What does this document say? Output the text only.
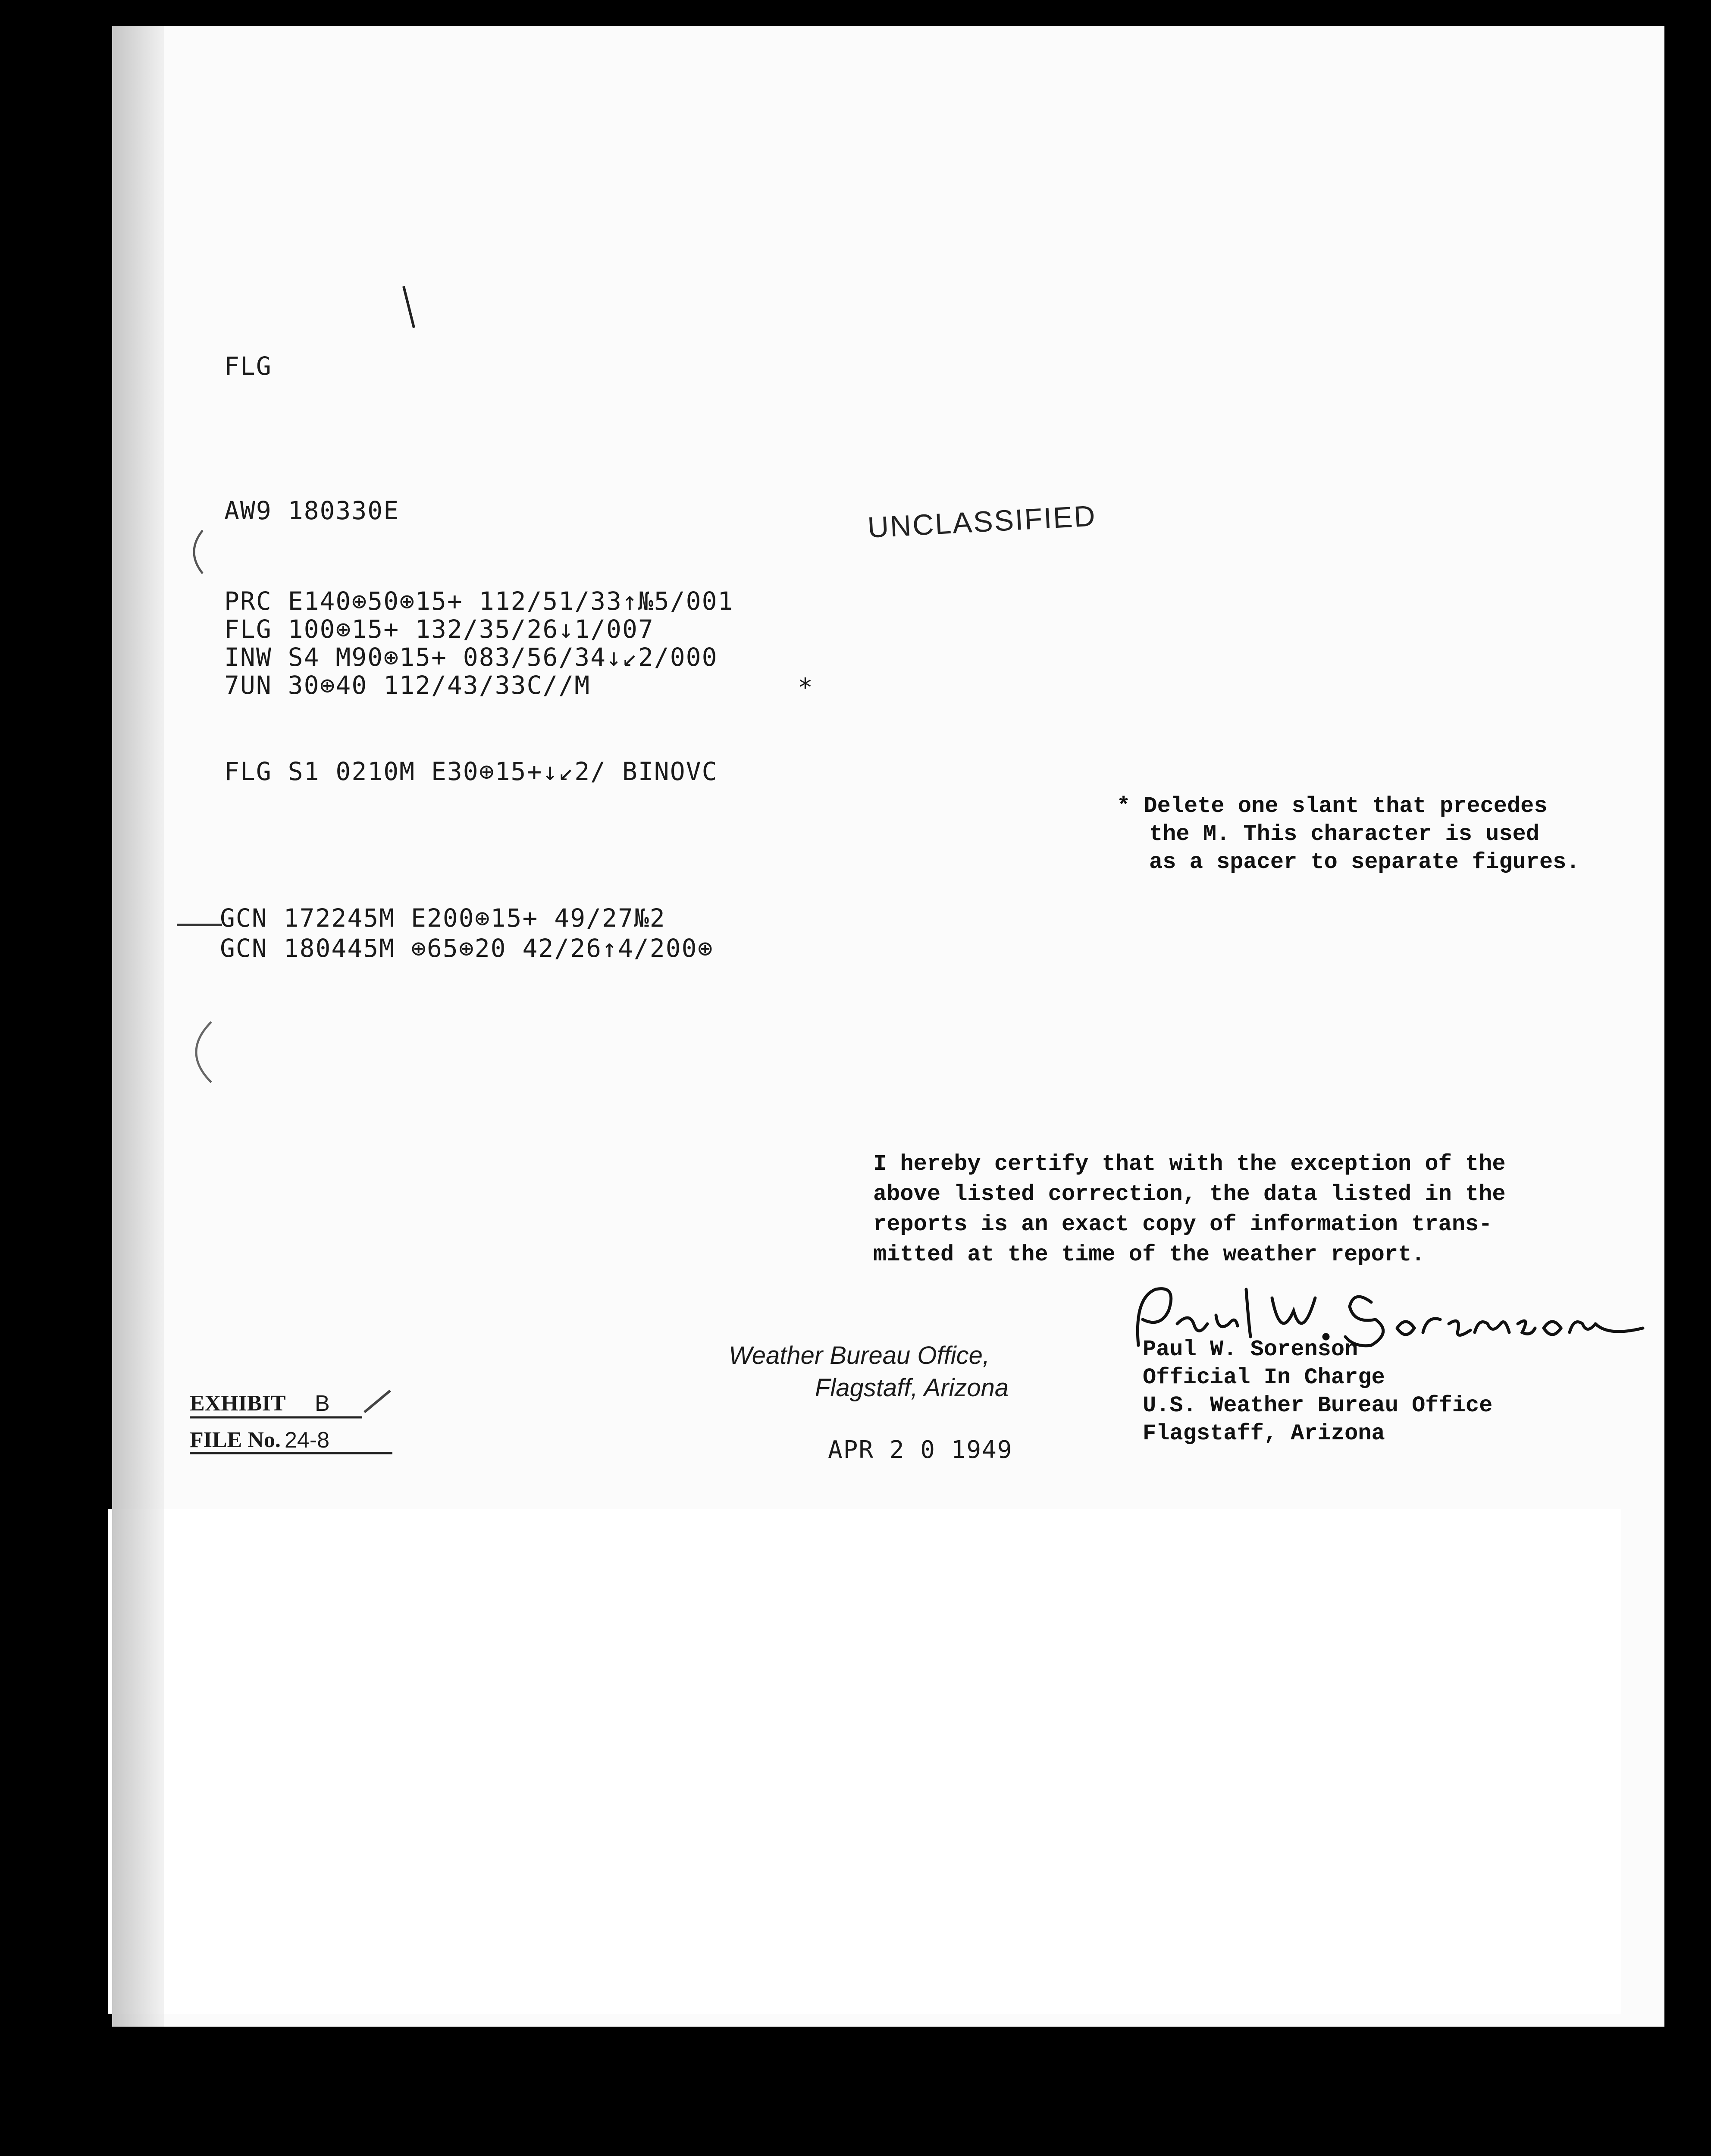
FLG
AW9 180330E	UNCLASSIFIED
PRC E140⊕50⊕15+ 112/51/33↑№5/001
FLG 100⊕15+ 132/35/26↓1/007
INW S4 M90⊕15+ 083/56/34↓↙2/000
7UN 30⊕40 112/43/33C//M	*
FLG S1 0210M E30⊕15+↓↙2/ BINOVC
* Delete one slant that precedes
the M. This character is used
as a spacer to separate figures.
GCN 172245M E200⊕15+ 49/27№2
GCN 180445M ⊕65⊕20 42/26↑4/200⊕
I hereby certify that with the exception of the
above listed correction, the data listed in the
reports is an exact copy of information trans-
mitted at the time of the weather report.
Weather Bureau Office,
Flagstaff, Arizona
APR 2 0 1949
Paul W. Sorenson
Official In Charge
U.S. Weather Bureau Office
Flagstaff, Arizona
EXHIBIT B
FILE No. 24-8
